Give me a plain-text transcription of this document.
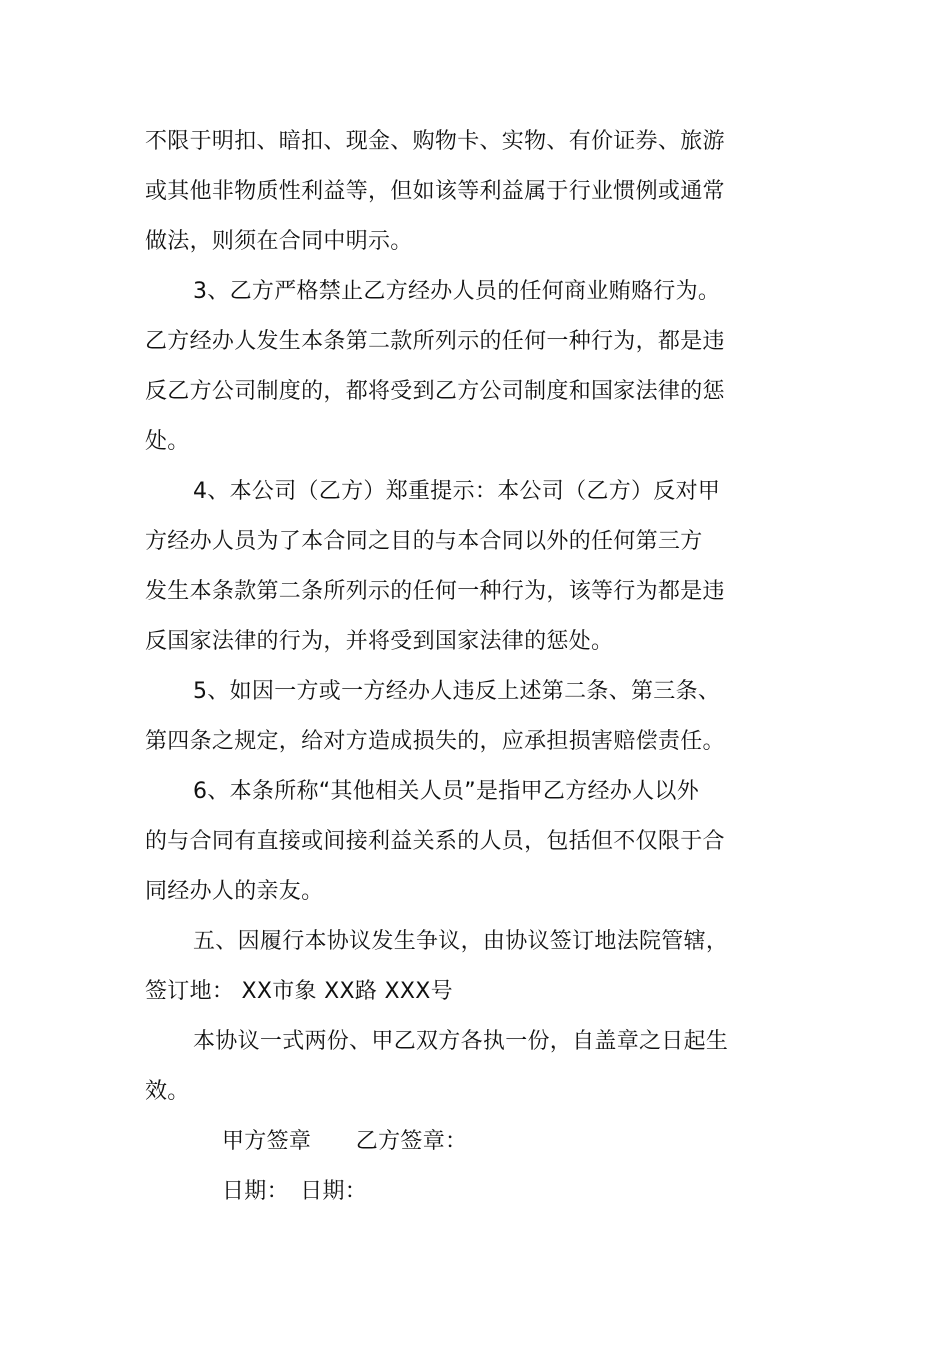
不限于明扣、暗扣、现金、购物卡、实物、有价证券、旅游
或其他非物质性利益等，但如该等利益属于行业惯例或通常
做法，则须在合同中明示。
3、乙方严格禁止乙方经办人员的任何商业贿赂行为。
乙方经办人发生本条第二款所列示的任何一种行为，都是违
反乙方公司制度的，都将受到乙方公司制度和国家法律的惩
处。
4、本公司（乙方）郑重提示：本公司（乙方）反对甲
方经办人员为了本合同之目的与本合同以外的任何第三方
发生本条款第二条所列示的任何一种行为，该等行为都是违
反国家法律的行为，并将受到国家法律的惩处。
5、如因一方或一方经办人违反上述第二条、第三条、
第四条之规定，给对方造成损失的，应承担损害赔偿责任。
6、本条所称“其他相关人员”是指甲乙方经办人以外
的与合同有直接或间接利益关系的人员，包括但不仅限于合
同经办人的亲友。
五、因履行本协议发生争议，由协议签订地法院管辖，
签订地： XX市象 XX路 XXX号
本协议一式两份、甲乙双方各执一份，自盖章之日起生
效。
甲方签章　　乙方签章：
日期：　日期：
